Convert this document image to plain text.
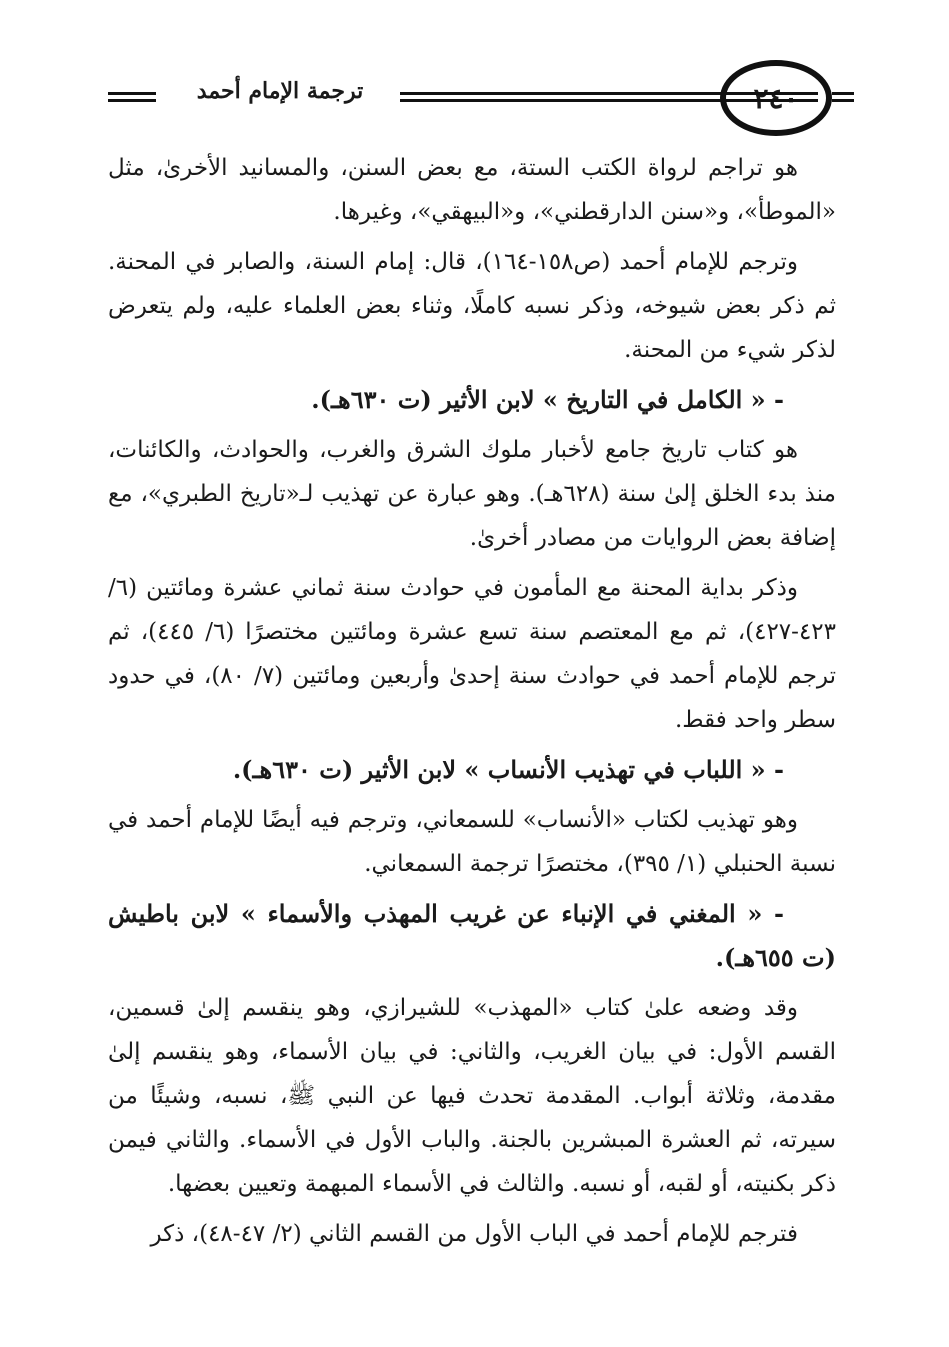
٢٤٠
ترجمة الإمام أحمد

هو تراجم لرواة الكتب الستة، مع بعض السنن، والمسانيد الأخرىٰ، مثل «الموطأ»، و«سنن الدارقطني»، و«البيهقي»، وغيرها.

وترجم للإمام أحمد (ص١٥٨-١٦٤)، قال: إمام السنة، والصابر في المحنة. ثم ذكر بعض شيوخه، وذكر نسبه كاملًا، وثناء بعض العلماء عليه، ولم يتعرض لذكر شيء من المحنة.

- « الكامل في التاريخ » لابن الأثير (ت ٦٣٠هـ).

هو كتاب تاريخ جامع لأخبار ملوك الشرق والغرب، والحوادث، والكائنات، منذ بدء الخلق إلىٰ سنة (٦٢٨هـ). وهو عبارة عن تهذيب لـ«تاريخ الطبري»، مع إضافة بعض الروايات من مصادر أخرىٰ.

وذكر بداية المحنة مع المأمون في حوادث سنة ثماني عشرة ومائتين (٦/ ٤٢٣-٤٢٧)، ثم مع المعتصم سنة تسع عشرة ومائتين مختصرًا (٦/ ٤٤٥)، ثم ترجم للإمام أحمد في حوادث سنة إحدىٰ وأربعين ومائتين (٧/ ٨٠)، في حدود سطر واحد فقط.

- « اللباب في تهذيب الأنساب » لابن الأثير (ت ٦٣٠هـ).

وهو تهذيب لكتاب «الأنساب» للسمعاني، وترجم فيه أيضًا للإمام أحمد في نسبة الحنبلي (١/ ٣٩٥)، مختصرًا ترجمة السمعاني.

- « المغني في الإنباء عن غريب المهذب والأسماء » لابن باطيش (ت ٦٥٥هـ).

وقد وضعه علىٰ كتاب «المهذب» للشيرازي، وهو ينقسم إلىٰ قسمين، القسم الأول: في بيان الغريب، والثاني: في بيان الأسماء، وهو ينقسم إلىٰ مقدمة، وثلاثة أبواب. المقدمة تحدث فيها عن النبي ﷺ، نسبه، وشيئًا من سيرته، ثم العشرة المبشرين بالجنة. والباب الأول في الأسماء. والثاني فيمن ذكر بكنيته، أو لقبه، أو نسبه. والثالث في الأسماء المبهمة وتعيين بعضها.

فترجم للإمام أحمد في الباب الأول من القسم الثاني (٢/ ٤٧-٤٨)، ذكر
